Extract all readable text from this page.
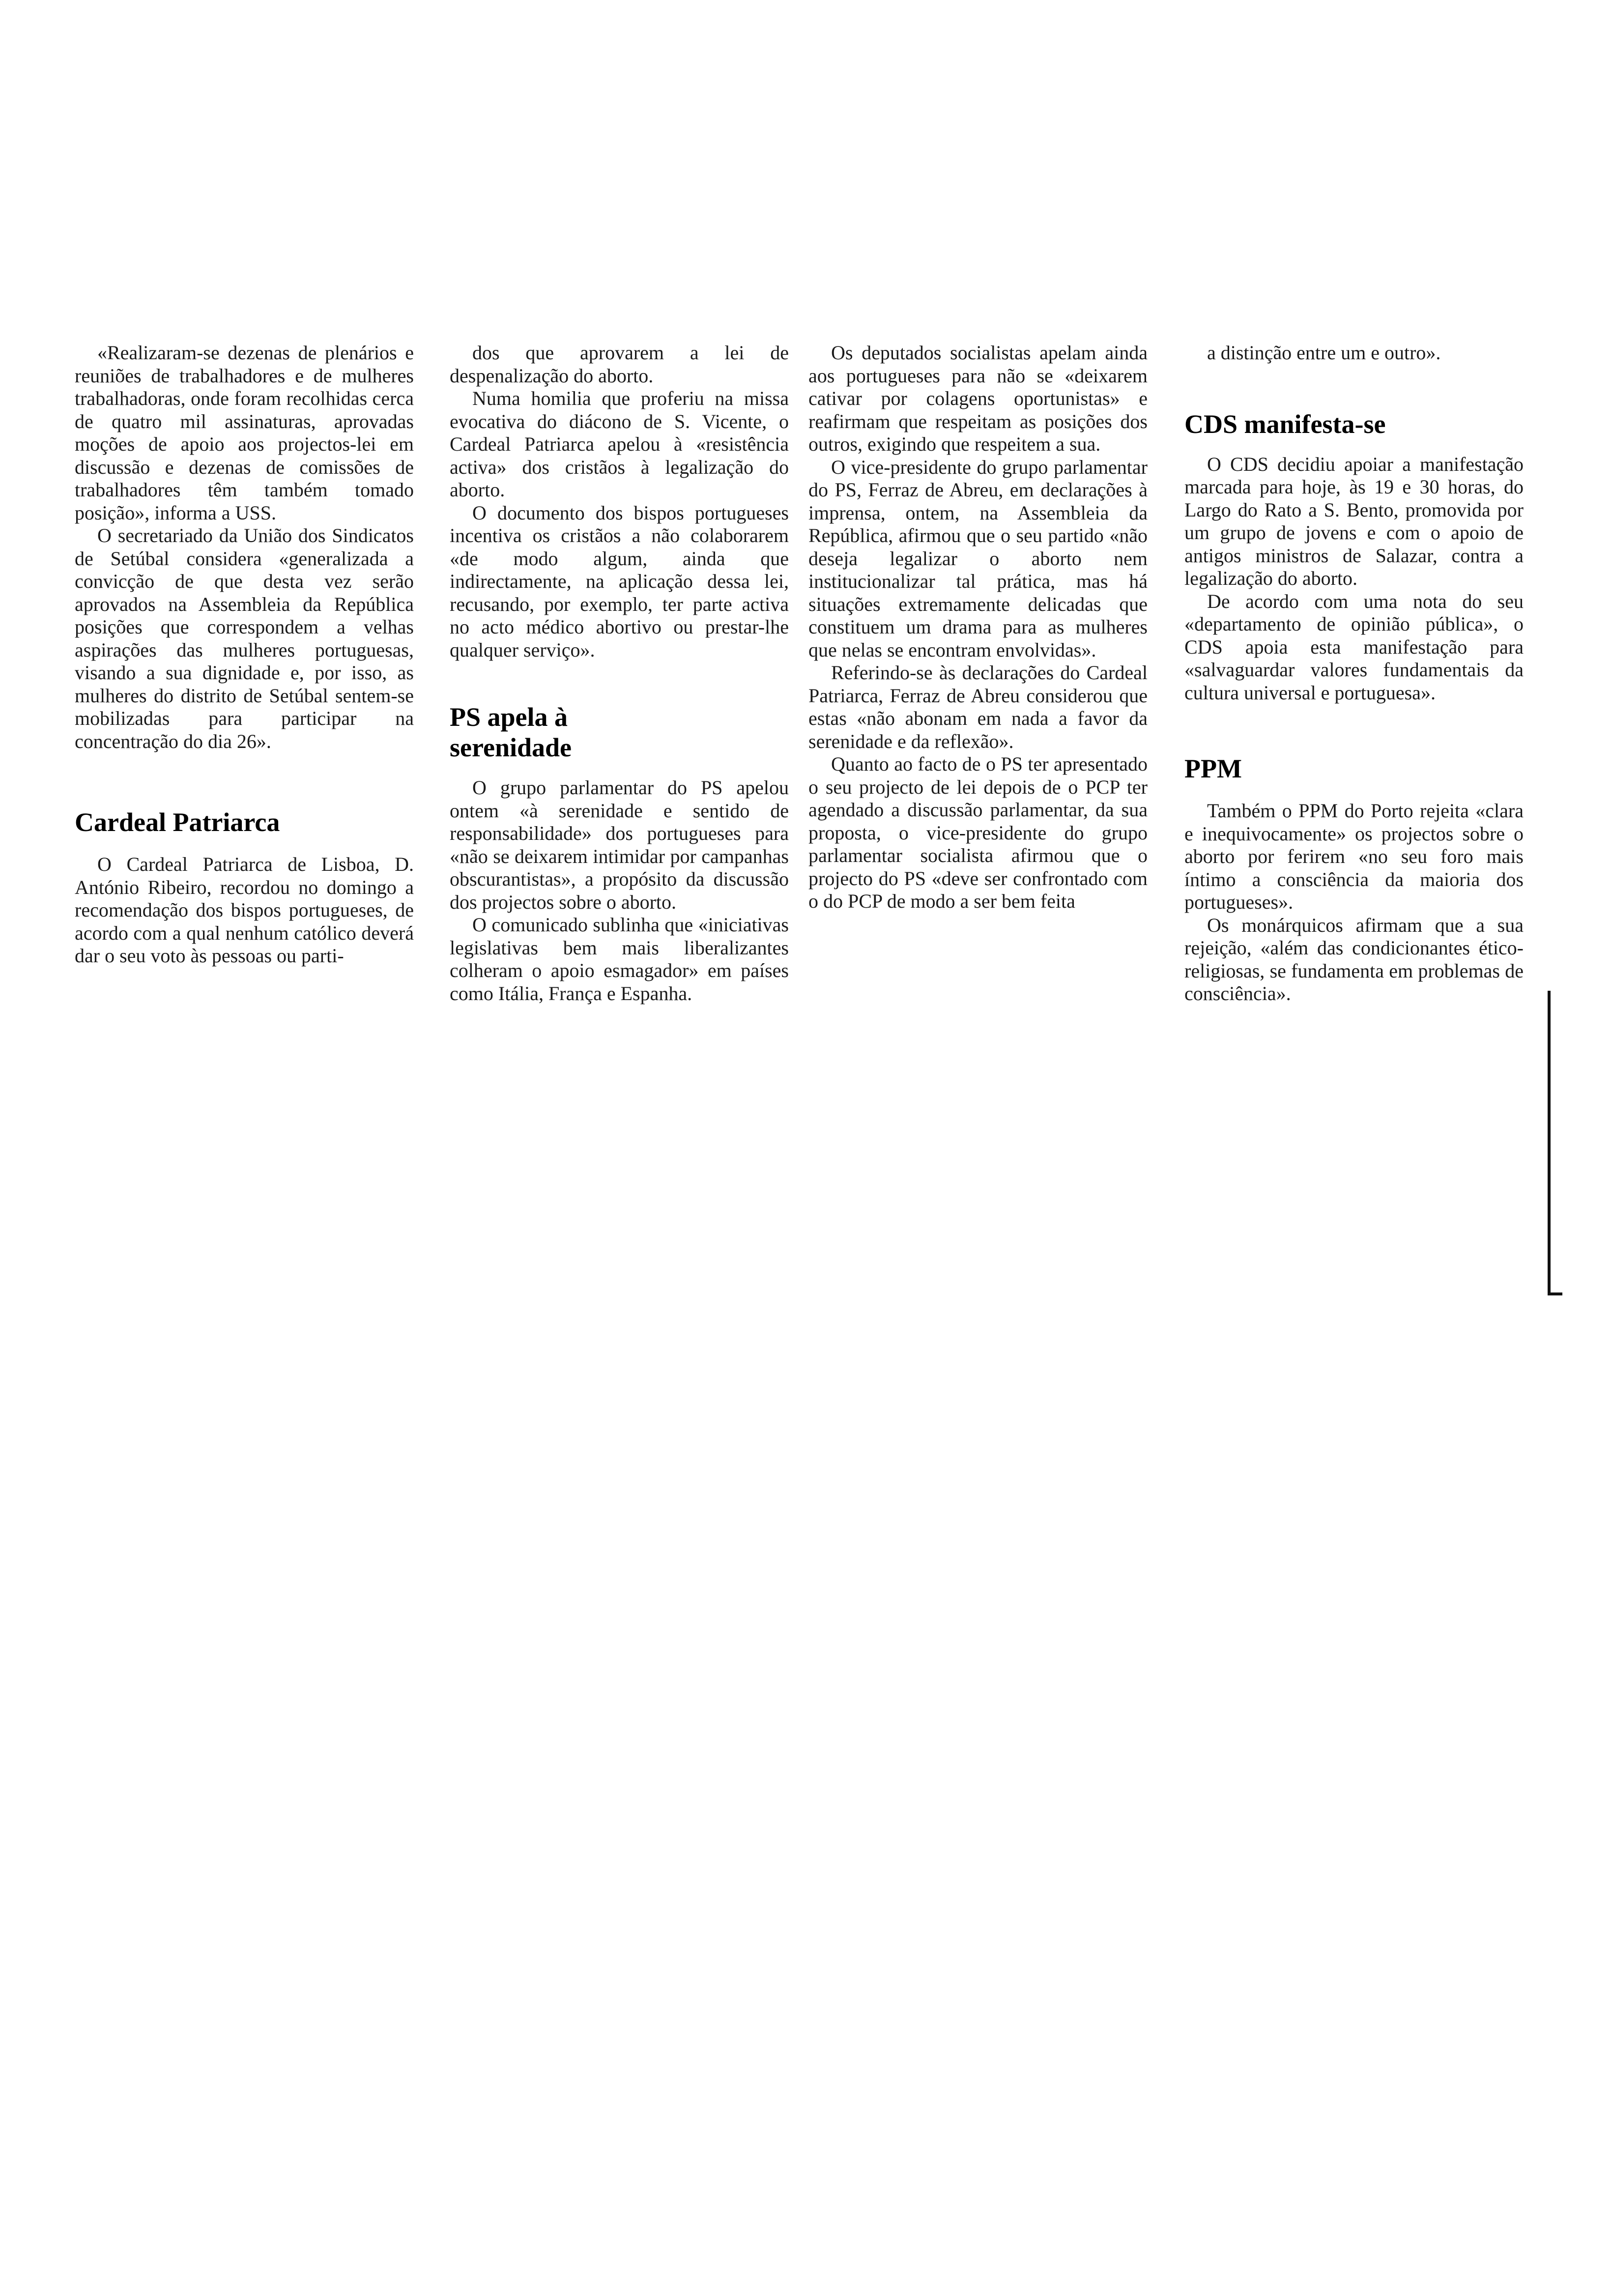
«Realizaram-se dezenas de plenários e reuniões de trabalhadores e de mulheres trabalhadoras, onde foram recolhidas cerca de quatro mil assinaturas, aprovadas moções de apoio aos projectos-lei em discussão e dezenas de comissões de trabalhadores têm também tomado posição», informa a USS.

O secretariado da União dos Sindicatos de Setúbal considera «generalizada a convicção de que desta vez serão aprovados na Assembleia da República posições que correspondem a velhas aspirações das mulheres portuguesas, visando a sua dignidade e, por isso, as mulheres do distrito de Setúbal sentem-se mobilizadas para participar na concentração do dia 26».

Cardeal Patriarca

O Cardeal Patriarca de Lisboa, D. António Ribeiro, recordou no domingo a recomendação dos bispos portugueses, de acordo com a qual nenhum católico deverá dar o seu voto às pessoas ou parti-

dos que aprovarem a lei de despenalização do aborto.

Numa homilia que proferiu na missa evocativa do diácono de S. Vicente, o Cardeal Patriarca apelou à «resistência activa» dos cristãos à legalização do aborto.

O documento dos bispos portugueses incentiva os cristãos a não colaborarem «de modo algum, ainda que indirectamente, na aplicação dessa lei, recusando, por exemplo, ter parte activa no acto médico abortivo ou prestar-lhe qualquer serviço».

PS apela à serenidade

O grupo parlamentar do PS apelou ontem «à serenidade e sentido de responsabilidade» dos portugueses para «não se deixarem intimidar por campanhas obscurantistas», a propósito da discussão dos projectos sobre o aborto.

O comunicado sublinha que «iniciativas legislativas bem mais liberalizantes colheram o apoio esmagador» em países como Itália, França e Espanha.

Os deputados socialistas apelam ainda aos portugueses para não se «deixarem cativar por colagens oportunistas» e reafirmam que respeitam as posições dos outros, exigindo que respeitem a sua.

O vice-presidente do grupo parlamentar do PS, Ferraz de Abreu, em declarações à imprensa, ontem, na Assembleia da República, afirmou que o seu partido «não deseja legalizar o aborto nem institucionalizar tal prática, mas há situações extremamente delicadas que constituem um drama para as mulheres que nelas se encontram envolvidas».

Referindo-se às declarações do Cardeal Patriarca, Ferraz de Abreu considerou que estas «não abonam em nada a favor da serenidade e da reflexão».

Quanto ao facto de o PS ter apresentado o seu projecto de lei depois de o PCP ter agendado a discussão parlamentar, da sua proposta, o vice-presidente do grupo parlamentar socialista afirmou que o projecto do PS «deve ser confrontado com o do PCP de modo a ser bem feita

a distinção entre um e outro».

CDS manifesta-se

O CDS decidiu apoiar a manifestação marcada para hoje, às 19 e 30 horas, do Largo do Rato a S. Bento, promovida por um grupo de jovens e com o apoio de antigos ministros de Salazar, contra a legalização do aborto.

De acordo com uma nota do seu «departamento de opinião pública», o CDS apoia esta manifestação para «salvaguardar valores fundamentais da cultura universal e portuguesa».

PPM

Também o PPM do Porto rejeita «clara e inequivocamente» os projectos sobre o aborto por ferirem «no seu foro mais íntimo a consciência da maioria dos portugueses».

Os monárquicos afirmam que a sua rejeição, «além das condicionantes ético-religiosas, se fundamenta em problemas de consciência».
